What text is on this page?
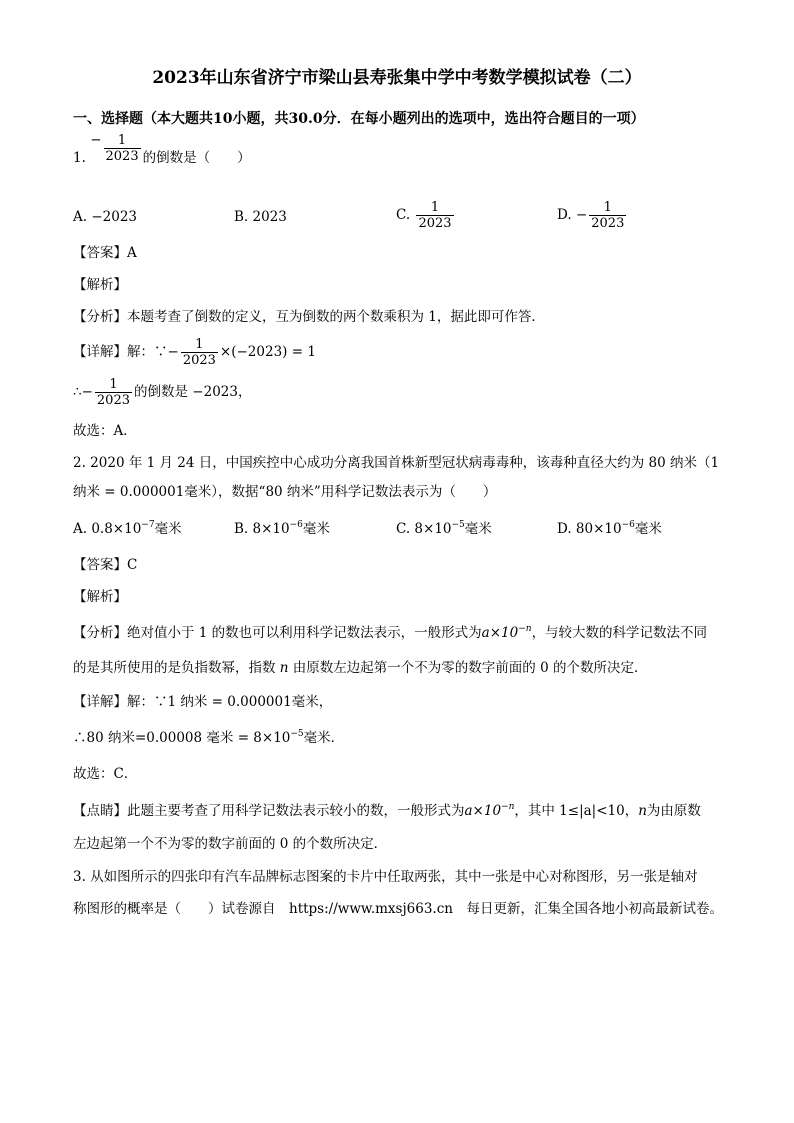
2023年山东省济宁市梁山县寿张集中学中考数学模拟试卷（二）
一、选择题（本大题共10小题，共30.0分．在每小题列出的选项中，选出符合题目的一项）
1. − $\frac{1}{2023}$ 的倒数是（　　）
A. −2023	B. 2023	C. $\frac{1}{2023}$	D. − $\frac{1}{2023}$
【答案】A
【解析】
【分析】本题考查了倒数的定义，互为倒数的两个数乘积为 1，据此即可作答．
【详解】解：∵− $\frac{1}{2023} \times(-2023) = 1$
∴− $\frac{1}{2023}$ 的倒数是 −2023，
故选：A．
2. 2020 年 1 月 24 日，中国疾控中心成功分离我国首株新型冠状病毒毒种，该毒种直径大约为 80 纳米（1
纳米 = 0.000001毫米），数据“80 纳米”用科学记数法表示为（　　）
A. $0.8\times 10^{-7}$毫米	B. $8\times 10^{-6}$毫米	C. $8\times 10^{-5}$毫米	D. $80\times 10^{-6}$毫米
【答案】C
【解析】
【分析】绝对值小于 1 的数也可以利用科学记数法表示，一般形式为$a\times 10^{-n}$，与较大数的科学记数法不同
的是其所使用的是负指数幂，指数 n 由原数左边起第一个不为零的数字前面的 0 的个数所决定．
【详解】解：∵1 纳米 = 0.000001毫米，
∴80 纳米=0.00008 毫米 = $8\times 10^{-5}$毫米．
故选：C．
【点睛】此题主要考查了用科学记数法表示较小的数，一般形式为$a\times 10^{-n}$，其中 1≤|a|<10，n为由原数
左边起第一个不为零的数字前面的 0 的个数所决定．
3. 从如图所示的四张印有汽车品牌标志图案的卡片中任取两张，其中一张是中心对称图形，另一张是轴对
称图形的概率是（　　）试卷源自　https://www.mxsj663.cn　每日更新，汇集全国各地小初高最新试卷。
